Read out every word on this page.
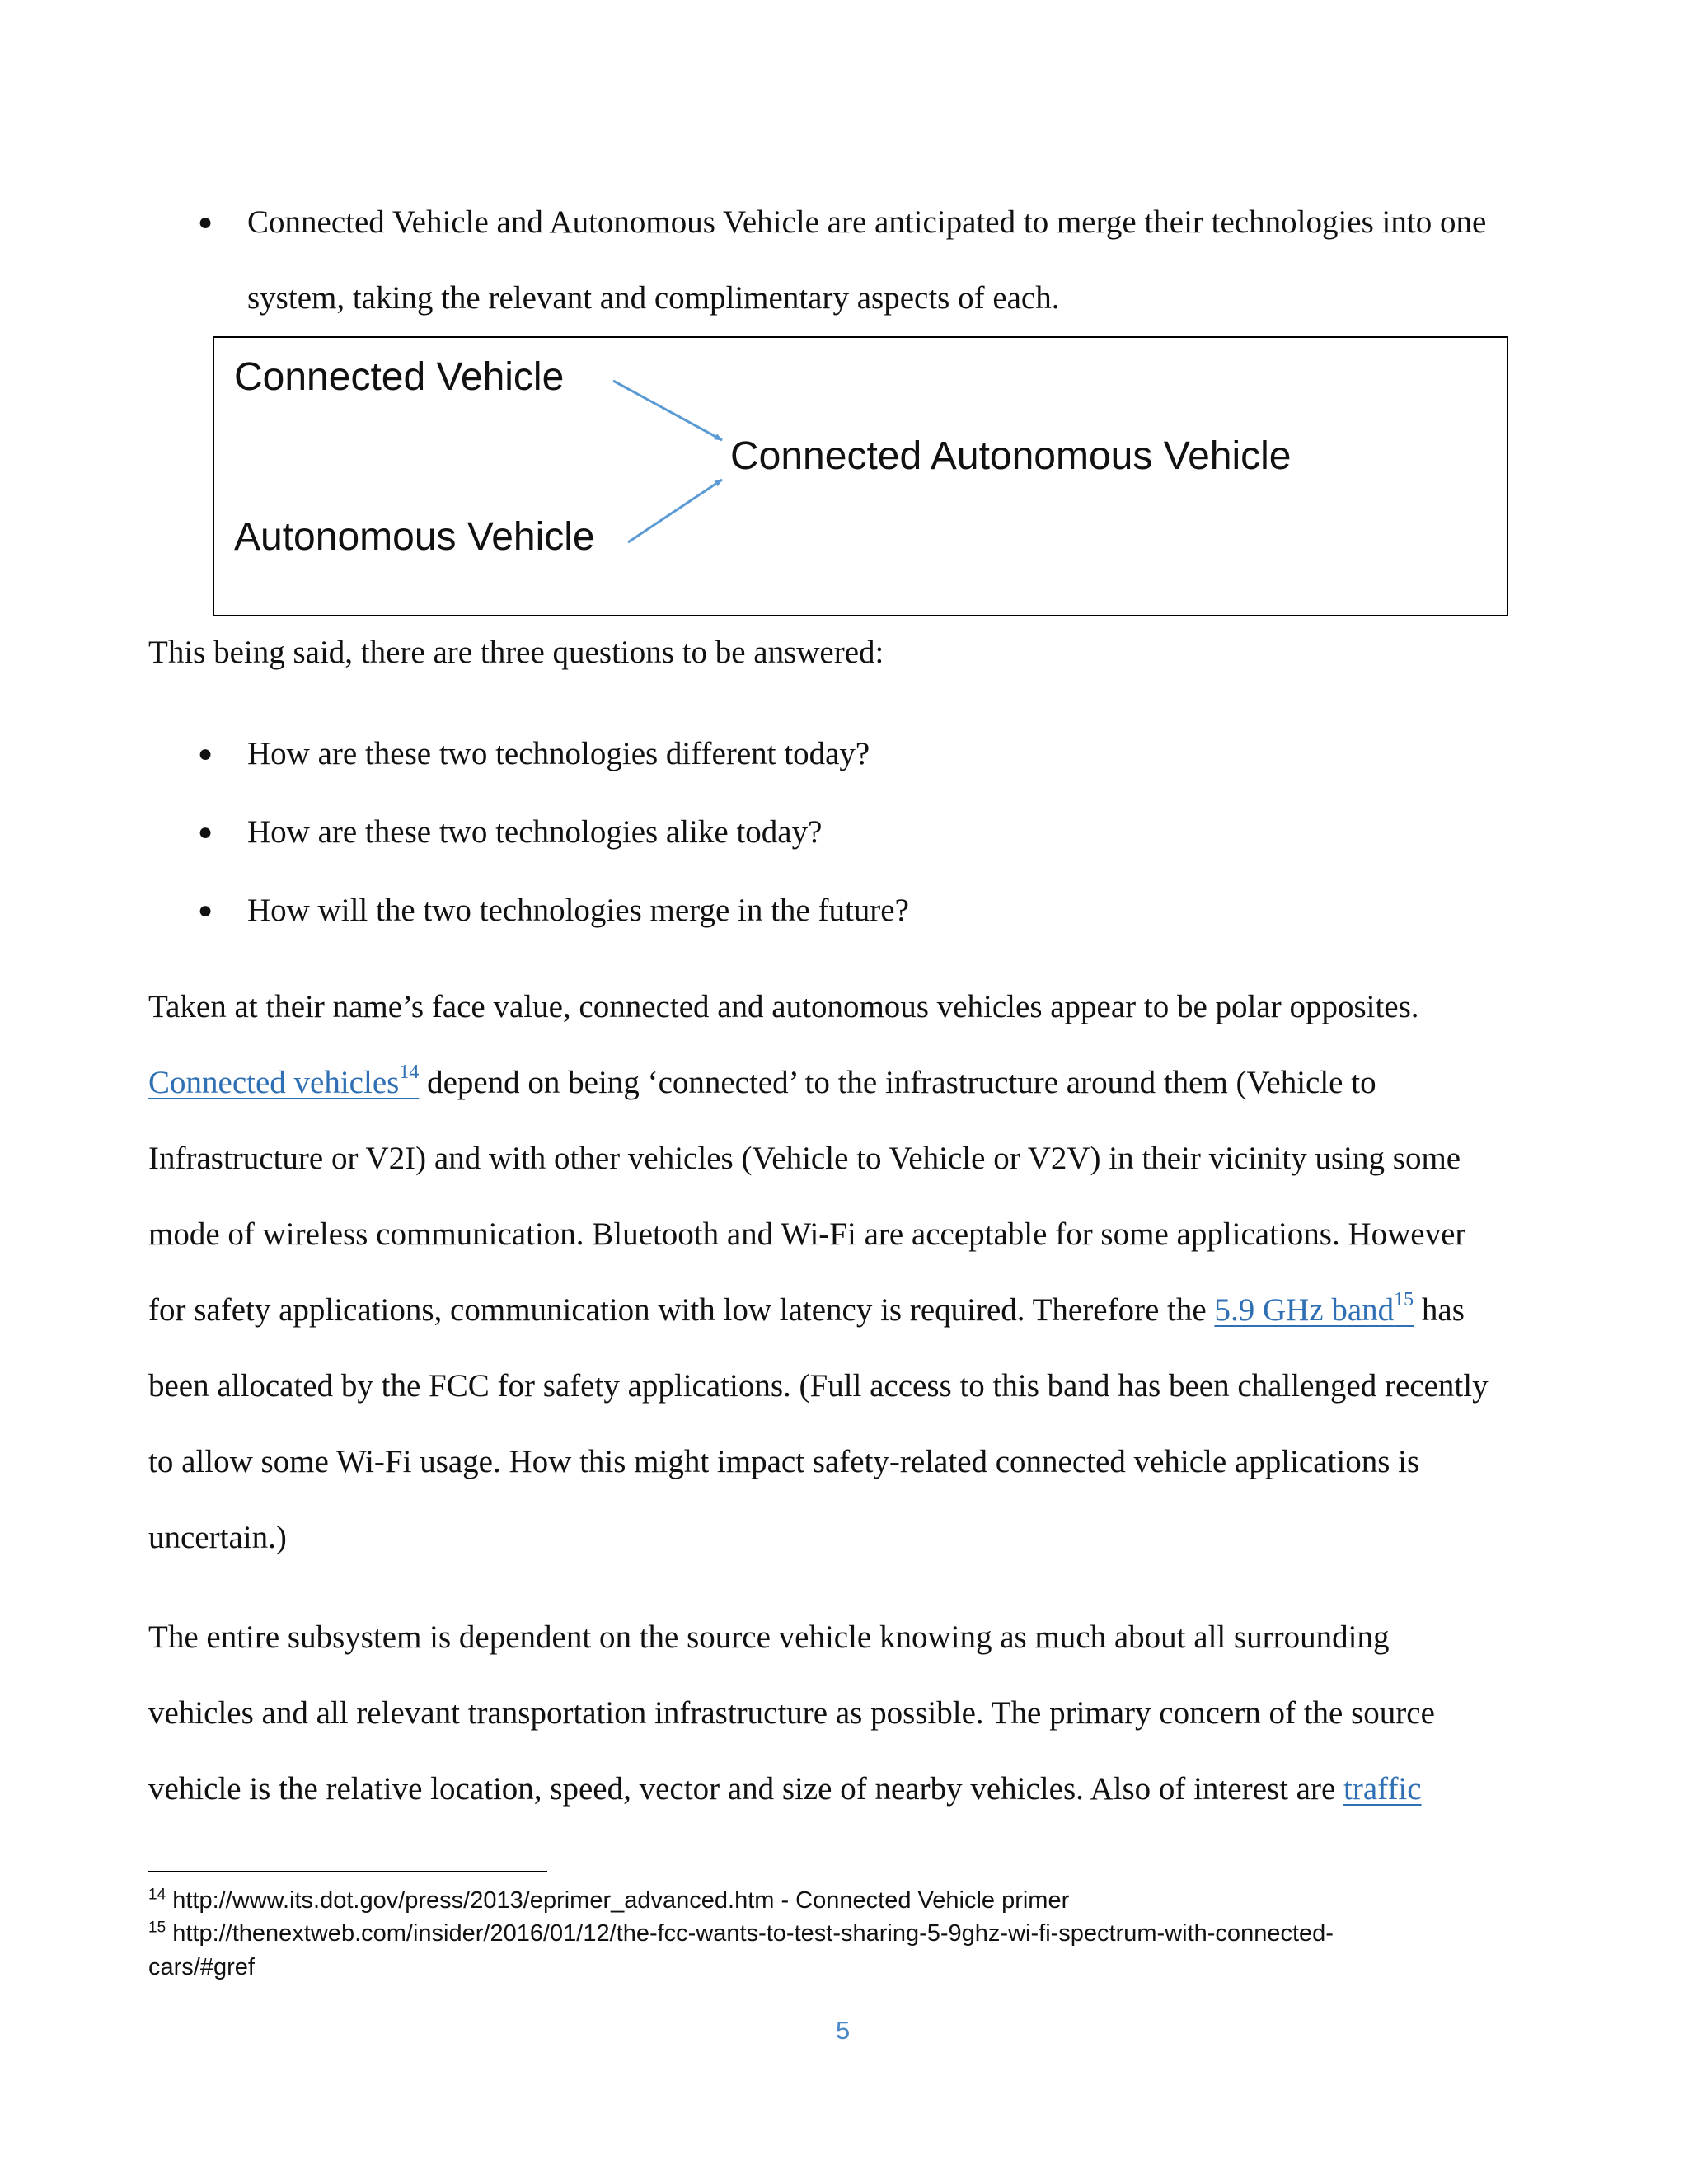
● Connected Vehicle and Autonomous Vehicle are anticipated to merge their technologies into one
system, taking the relevant and complimentary aspects of each.
Connected Vehicle
Autonomous Vehicle
Connected Autonomous Vehicle
This being said, there are three questions to be answered:
● How are these two technologies different today?
● How are these two technologies alike today?
● How will the two technologies merge in the future?
Taken at their name’s face value, connected and autonomous vehicles appear to be polar opposites.
Connected vehicles$^{14}$ depend on being ‘connected’ to the infrastructure around them (Vehicle to
Infrastructure or V2I) and with other vehicles (Vehicle to Vehicle or V2V) in their vicinity using some
mode of wireless communication. Bluetooth and Wi-Fi are acceptable for some applications. However
for safety applications, communication with low latency is required. Therefore the 5.9 GHz band$^{15}$ has
been allocated by the FCC for safety applications. (Full access to this band has been challenged recently
to allow some Wi-Fi usage. How this might impact safety-related connected vehicle applications is
uncertain.)
The entire subsystem is dependent on the source vehicle knowing as much about all surrounding
vehicles and all relevant transportation infrastructure as possible. The primary concern of the source
vehicle is the relative location, speed, vector and size of nearby vehicles. Also of interest are traffic
$^{14}$ http://www.its.dot.gov/press/2013/eprimer_advanced.htm - Connected Vehicle primer
$^{15}$ http://thenextweb.com/insider/2016/01/12/the-fcc-wants-to-test-sharing-5-9ghz-wi-fi-spectrum-with-connected-
cars/#gref
5
